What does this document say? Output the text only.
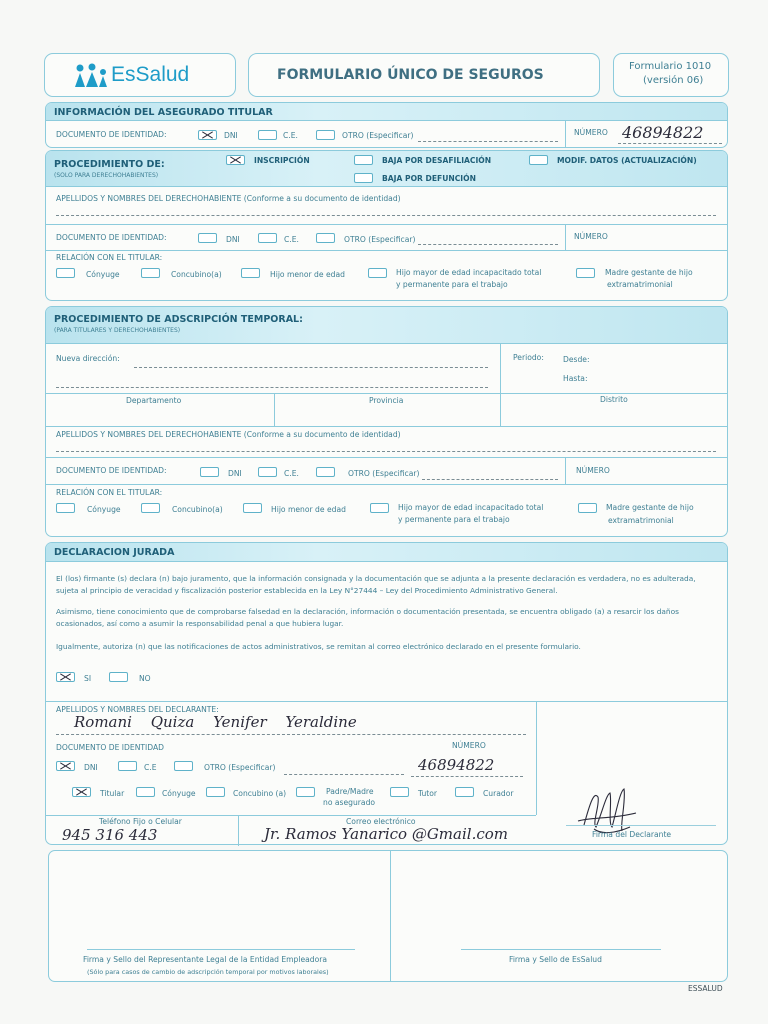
EsSalud	FORMULARIO ÚNICO DE SEGUROS
Formulario 1010
(versión 06)
INFORMACIÓN DEL ASEGURADO TITULAR
DOCUMENTO DE IDENTIDAD:	DNI	C.E.	OTRO (Especificar)	NÚMERO 46894822
PROCEDIMIENTO DE:
(SOLO PARA DERECHOHABIENTES)
INSCRIPCIÓN	BAJA POR DESAFILIACIÓN
BAJA POR DEFUNCIÓN
MODIF. DATOS (ACTUALIZACIÓN)
APELLIDOS Y NOMBRES DEL DERECHOHABIENTE (Conforme a su documento de identidad)
DOCUMENTO DE IDENTIDAD:	DNI	C.E.	OTRO (Especificar)	NÚMERO
RELACIÓN CON EL TITULAR:
Cónyuge	Concubino(a)	Hijo menor de edad	Hijo mayor de edad incapacitado total
y permanente para el trabajo
Madre gestante de hijo
extramatrimonial
PROCEDIMIENTO DE ADSCRIPCIÓN TEMPORAL:
(PARA TITULARES Y DERECHOHABIENTES)
Nueva dirección:	Periodo:	Desde:
Hasta:
Departamento	Provincia	Distrito
APELLIDOS Y NOMBRES DEL DERECHOHABIENTE (Conforme a su documento de identidad)
DOCUMENTO DE IDENTIDAD:	DNI	C.E.	OTRO (Especificar)	NÚMERO
RELACIÓN CON EL TITULAR:
Cónyuge	Concubino(a)	Hijo menor de edad	Hijo mayor de edad incapacitado total
y permanente para el trabajo
Madre gestante de hijo
extramatrimonial
DECLARACION JURADA
El (los) firmante (s) declara (n) bajo juramento, que la información consignada y la documentación que se adjunta a la presente declaración es verdadera, no es adulterada, sujeta al principio de veracidad y fiscalización posterior establecida en la Ley N°27444 – Ley del Procedimiento Administrativo General.
Asimismo, tiene conocimiento que de comprobarse falsedad en la declaración, información o documentación presentada, se encuentra obligado (a) a resarcir los daños ocasionados, así como a asumir la responsabilidad penal a que hubiera lugar.
Igualmente, autoriza (n) que las notificaciones de actos administrativos, se remitan al correo electrónico declarado en el presente formulario.
SI	NO
APELLIDOS Y NOMBRES DEL DECLARANTE:
Romani Quiza Yenifer Yeraldine
DOCUMENTO DE IDENTIDAD	NÚMERO
DNI	C.E	OTRO (Especificar)	46894822
Titular	Cónyuge	Concubino (a)	Padre/Madre
no asegurado
Tutor	Curador
Teléfono Fijo o Celular
945 316 443
Correo electrónico
Jr. Ramos Yanarico @Gmail.com	Firma del Declarante
Firma y Sello del Representante Legal de la Entidad Empleadora
(Sólo para casos de cambio de adscripción temporal por motivos laborales)
Firma y Sello de EsSalud
ESSALUD
